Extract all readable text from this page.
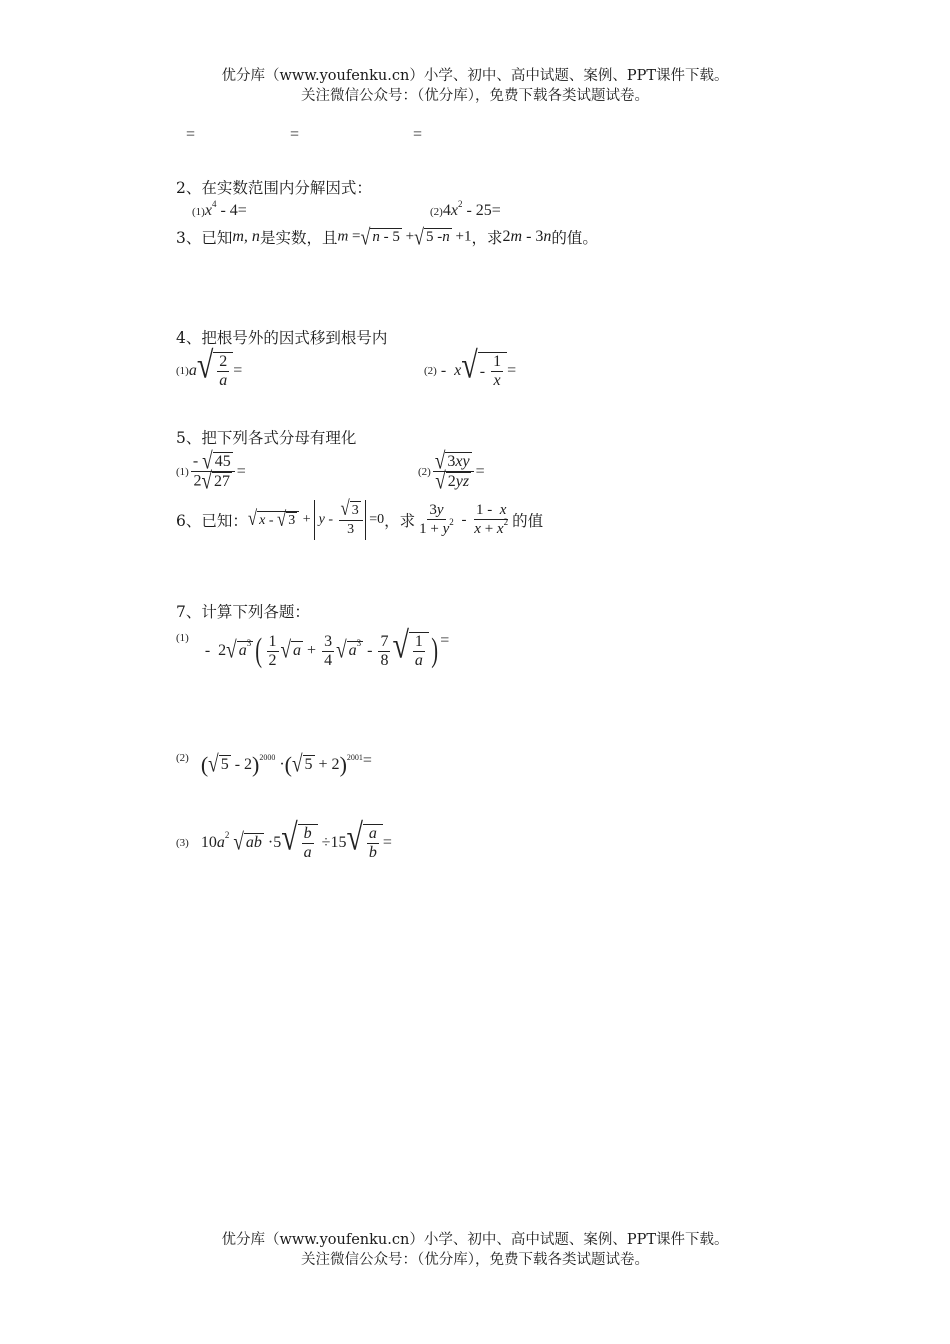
优分库（www.youfenku.cn）小学、初中、高中试题、案例、PPT课件下载。
关注微信公众号：（优分库），免费下载各类试题试卷。
=	=	=
2、在实数范围内分解因式：
$(1)x^4 - 4=$	$(2)4x^2 - 25=$
3、已知 m, n 是实数，且 m = √ n - 5 + √ 5 - n +1 ，求 2m - 3n 的值。
4、把根号外的因式移到根号内
(1) a √ $\frac{2}{a}$ =	(2) - x √ - $\frac{1}{x}$ =
5、把下列各式分母有理化
$(1) \frac{- √ 45}{2 √ 27}$ =	$(2) \frac{√ 3 xy}{√ 2 yz}$ =
6、已知： √ x - √ 3 +
$y - \frac{√ 3}{3} =0$ ，求 $\frac{3y}{1 + y^2} - \frac{1 - x}{x + x^2}$ 的值
7、计算下列各题：
(1)
-  2 √ a 3 ( $\frac{1}{2}$ √ $a + \frac{3}{4}$ √ a $3 - \frac{7}{8}$ √ $\frac{1}{a}$ ) =
(2)
( √ 5 - 2 ) 2000 · ( √ 5 + 2 ) 2001 =
(3) 10 a 2
√ ab ·5 √ $\frac{b}{a} \div 15$ √ $\frac{a}{b}$ =
优分库（www.youfenku.cn）小学、初中、高中试题、案例、PPT课件下载。
关注微信公众号：（优分库），免费下载各类试题试卷。
